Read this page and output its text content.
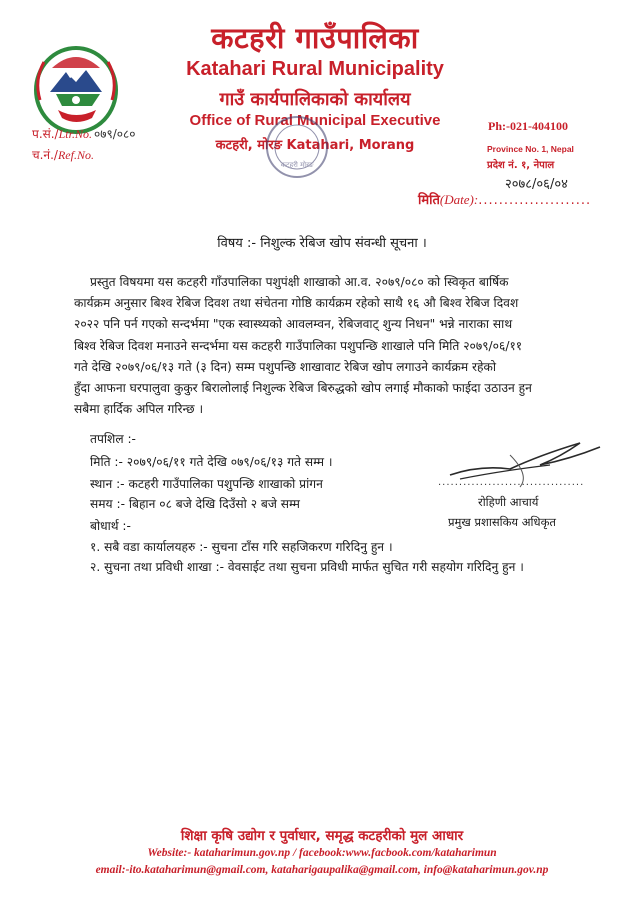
कटहरी गाउँपालिका
Katahari Rural Municipality
गाउँ कार्यपालिकाको कार्यालय
Office of Rural Municipal Executive
कटहरी, मोरङ Katahari, Morang
कटहरी मोरङ
प.सं./Ltr.No. ०७९/०८०
च.नं./Ref.No.
Ph:-021-404100
Province No. 1, Nepal
प्रदेश नं. १, नेपाल
२०७८/०६/०४
मिति(Date):......................
विषय :- निशुल्क रेबिज खोप संवन्धी सूचना ।
प्रस्तुत विषयमा यस कटहरी गाँउपालिका पशुपंक्षी शाखाको आ.व. २०७९/०८० को स्विकृत बार्षिक
कार्यक्रम अनुसार बिश्व रेबिज दिवश तथा संचेतना गोष्ठि कार्यक्रम रहेको साथै १६ औ बिश्व रेबिज दिवश
२०२२ पनि पर्न गएको सन्दर्भमा "एक स्वास्थ्यको आवलम्वन, रेबिजवाट् शुन्य निधन" भन्ने नाराका साथ
बिश्व रेबिज दिवश मनाउने सन्दर्भमा यस कटहरी गाउँपालिका पशुपन्छि शाखाले पनि मिति २०७९/०६/११
गते देखि २०७९/०६/१३ गते (३ दिन) सम्म पशुपन्छि शाखावाट रेबिज खोप लगाउने कार्यक्रम रहेको
हुँदा आफना घरपालुवा कुकुर बिरालोलाई निशुल्क रेबिज बिरुद्धको खोप लगाई मौकाको फाईदा उठाउन हुन
सबैमा हार्दिक अपिल गरिन्छ ।
तपशिल :-
मिति :- २०७९/०६/११ गते देखि ०७९/०६/१३ गते सम्म ।
स्थान :- कटहरी गाउँपालिका पशुपन्छि शाखाको प्रांगन
समय :- बिहान ०८ बजे देखि दिउँसो २ बजे सम्म
बोधार्थ :-
१. सबै वडा कार्यालयहरु :- सुचना टाँस गरि सहजिकरण गरिदिनु हुन ।
२. सुचना तथा प्रविधी शाखा :- वेवसाईट तथा सुचना प्रविधी मार्फत सुचित गरी सहयोग गरिदिनु हुन ।
...................................
रोहिणी आचार्य
प्रमुख प्रशासकिय अधिकृत
शिक्षा कृषि उद्योग र पुर्वाधार, समृद्ध कटहरीको मुल आधार
Website:- kataharimun.gov.np / facebook:www.facbook.com/kataharimun
email:-ito.kataharimun@gmail.com, kataharigaupalika@gmail.com, info@kataharimun.gov.np
